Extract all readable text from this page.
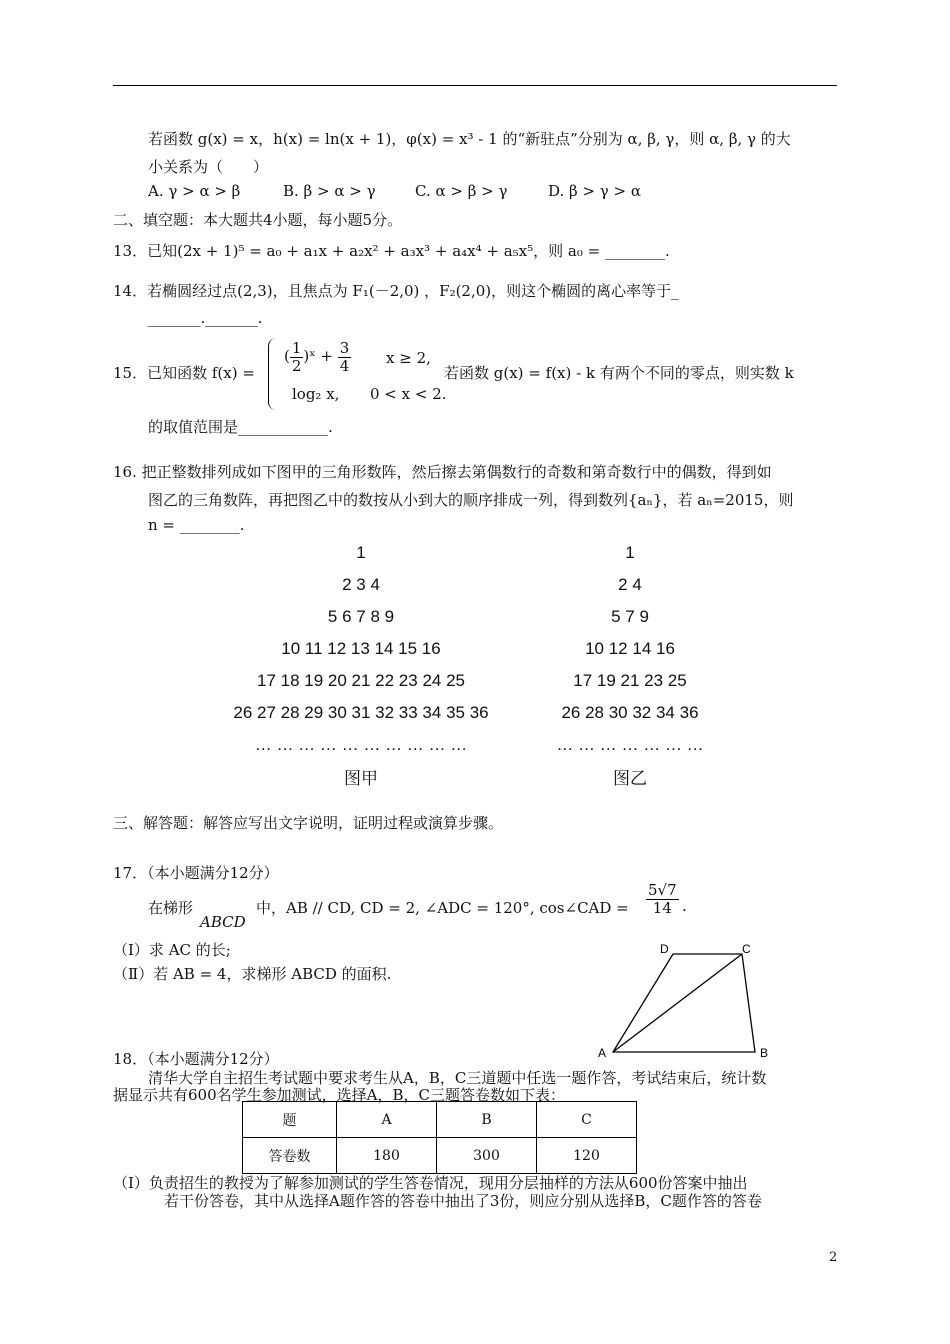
若函数 g(x) = x，h(x) = ln(x + 1)，φ(x) = x³ - 1 的“新驻点”分别为 α, β, γ，则 α, β, γ 的大
小关系为（　　）
A. γ > α > β	B. β > α > γ	C. α > β > γ	D. β > γ > α
二、填空题：本大题共4小题，每小题5分。
13．已知(2x + 1)⁵ = a₀ + a₁x + a₂x² + a₃x³ + a₄x⁴ + a₅x⁵，则 a₀ = ________.
14．若椭圆经过点(2,3)，且焦点为 F₁(－2,0) ，F₂(2,0)，则这个椭圆的离心率等于_
_______._______.
15．已知函数 f(x) =
( $\frac{1}{2}$ )ˣ + $\frac{3}{4}$ x ≥ 2,
log₂ x, 0 < x < 2.
若函数 g(x) = f(x) - k 有两个不同的零点，则实数 k
的取值范围是____________.
16. 把正整数排列成如下图甲的三角形数阵，然后擦去第偶数行的奇数和第奇数行中的偶数，得到如
图乙的三角数阵，再把图乙中的数按从小到大的顺序排成一列，得到数列{aₙ}，若 aₙ=2015，则
n = ________.
1
2 3 4
5 6 7 8 9
10 11 12 13 14 15 16
17 18 19 20 21 22 23 24 25
26 27 28 29 30 31 32 33 34 35 36
… … … … … … … … … …
图甲
1
2 4
5 7 9
10 12 14 16
17 19 21 23 25
26 28 30 32 34 36
… … … … … … …
图乙
三、解答题：解答应写出文字说明，证明过程或演算步骤。
17．（本小题满分12分）
在梯形
ABCD
中，AB // CD, CD = 2, ∠ADC = 120°, cos∠CAD = $\frac{5√7}{14}$ .
（Ⅰ）求 AC 的长;
（Ⅱ）若 AB = 4，求梯形 ABCD 的面积.
D	C
A	B
18．（本小题满分12分）
清华大学自主招生考试题中要求考生从A，B，C三道题中任选一题作答，考试结束后，统计数
据显示共有600名学生参加测试，选择A，B，C三题答卷数如下表：
题	A	B	C
答卷数	180	300	120
（Ⅰ）负责招生的教授为了解参加测试的学生答卷情况，现用分层抽样的方法从600份答案中抽出
若干份答卷，其中从选择A题作答的答卷中抽出了3份，则应分别从选择B，C题作答的答卷
2
